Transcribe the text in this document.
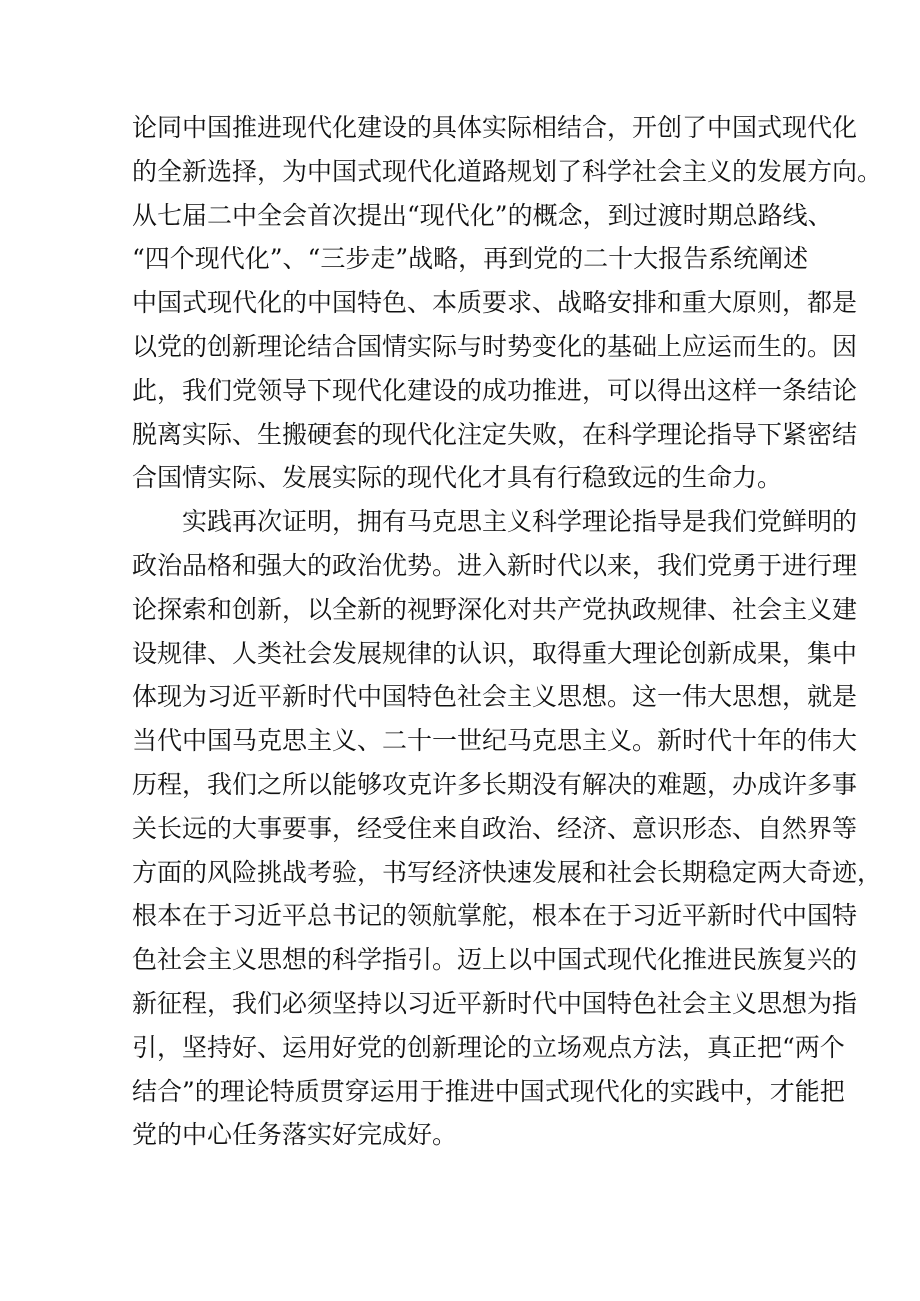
论同中国推进现代化建设的具体实际相结合，开创了中国式现代化
的全新选择，为中国式现代化道路规划了科学社会主义的发展方向。
从七届二中全会首次提出“现代化”的概念，到过渡时期总路线、
“四个现代化”、“三步走”战略，再到党的二十大报告系统阐述
中国式现代化的中国特色、本质要求、战略安排和重大原则，都是
以党的创新理论结合国情实际与时势变化的基础上应运而生的。因
此，我们党领导下现代化建设的成功推进，可以得出这样一条结论
脱离实际、生搬硬套的现代化注定失败，在科学理论指导下紧密结
合国情实际、发展实际的现代化才具有行稳致远的生命力。
　　实践再次证明，拥有马克思主义科学理论指导是我们党鲜明的
政治品格和强大的政治优势。进入新时代以来，我们党勇于进行理
论探索和创新，以全新的视野深化对共产党执政规律、社会主义建
设规律、人类社会发展规律的认识，取得重大理论创新成果，集中
体现为习近平新时代中国特色社会主义思想。这一伟大思想，就是
当代中国马克思主义、二十一世纪马克思主义。新时代十年的伟大
历程，我们之所以能够攻克许多长期没有解决的难题，办成许多事
关长远的大事要事，经受住来自政治、经济、意识形态、自然界等
方面的风险挑战考验，书写经济快速发展和社会长期稳定两大奇迹，
根本在于习近平总书记的领航掌舵，根本在于习近平新时代中国特
色社会主义思想的科学指引。迈上以中国式现代化推进民族复兴的
新征程，我们必须坚持以习近平新时代中国特色社会主义思想为指
引，坚持好、运用好党的创新理论的立场观点方法，真正把“两个
结合”的理论特质贯穿运用于推进中国式现代化的实践中，才能把
党的中心任务落实好完成好。
